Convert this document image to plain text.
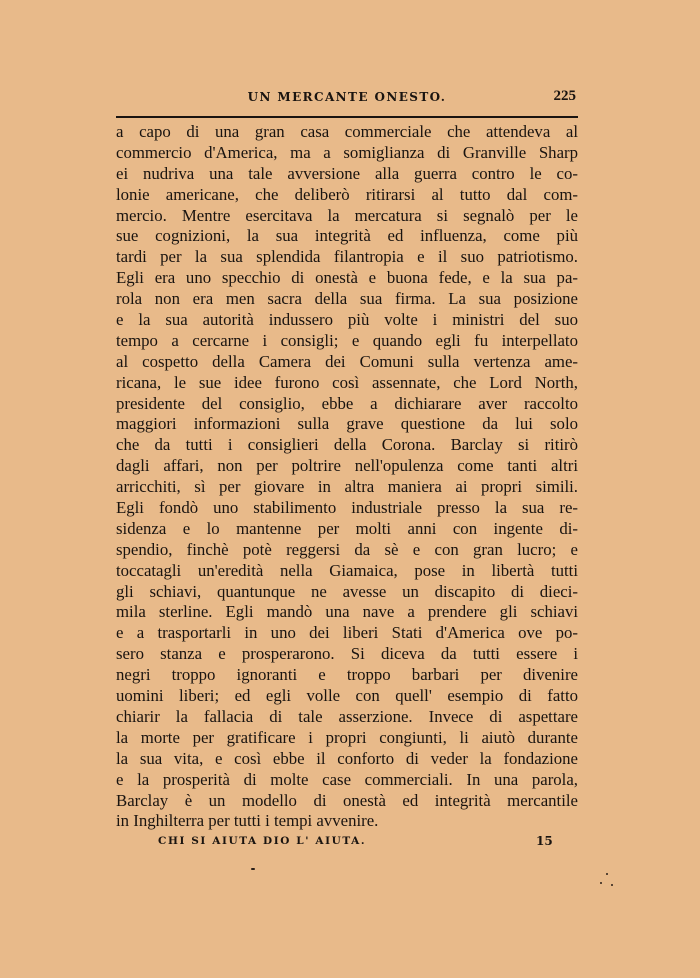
UN MERCANTE ONESTO.	225
a capo di una gran casa commerciale che attendeva al
commercio d'America, ma a somiglianza di Granville Sharp
ei nudriva una tale avversione alla guerra contro le co-
lonie americane, che deliberò ritirarsi al tutto dal com-
mercio. Mentre esercitava la mercatura si segnalò per le
sue cognizioni, la sua integrità ed influenza, come più
tardi per la sua splendida filantropia e il suo patriotismo.
Egli era uno specchio di onestà e buona fede, e la sua pa-
rola non era men sacra della sua firma. La sua posizione
e la sua autorità indussero più volte i ministri del suo
tempo a cercarne i consigli; e quando egli fu interpellato
al cospetto della Camera dei Comuni sulla vertenza ame-
ricana, le sue idee furono così assennate, che Lord North,
presidente del consiglio, ebbe a dichiarare aver raccolto
maggiori informazioni sulla grave questione da lui solo
che da tutti i consiglieri della Corona. Barclay si ritirò
dagli affari, non per poltrire nell'opulenza come tanti altri
arricchiti, sì per giovare in altra maniera ai propri simili.
Egli fondò uno stabilimento industriale presso la sua re-
sidenza e lo mantenne per molti anni con ingente di-
spendio, finchè potè reggersi da sè e con gran lucro; e
toccatagli un'eredità nella Giamaica, pose in libertà tutti
gli schiavi, quantunque ne avesse un discapito di dieci-
mila sterline. Egli mandò una nave a prendere gli schiavi
e a trasportarli in uno dei liberi Stati d'America ove po-
sero stanza e prosperarono. Si diceva da tutti essere i
negri troppo ignoranti e troppo barbari per divenire
uomini liberi; ed egli volle con quell' esempio di fatto
chiarir la fallacia di tale asserzione. Invece di aspettare
la morte per gratificare i propri congiunti, li aiutò durante
la sua vita, e così ebbe il conforto di veder la fondazione
e la prosperità di molte case commerciali. In una parola,
Barclay è un modello di onestà ed integrità mercantile
in Inghilterra per tutti i tempi avvenire.
CHI SI AIUTA DIO L' AIUTA.	15
